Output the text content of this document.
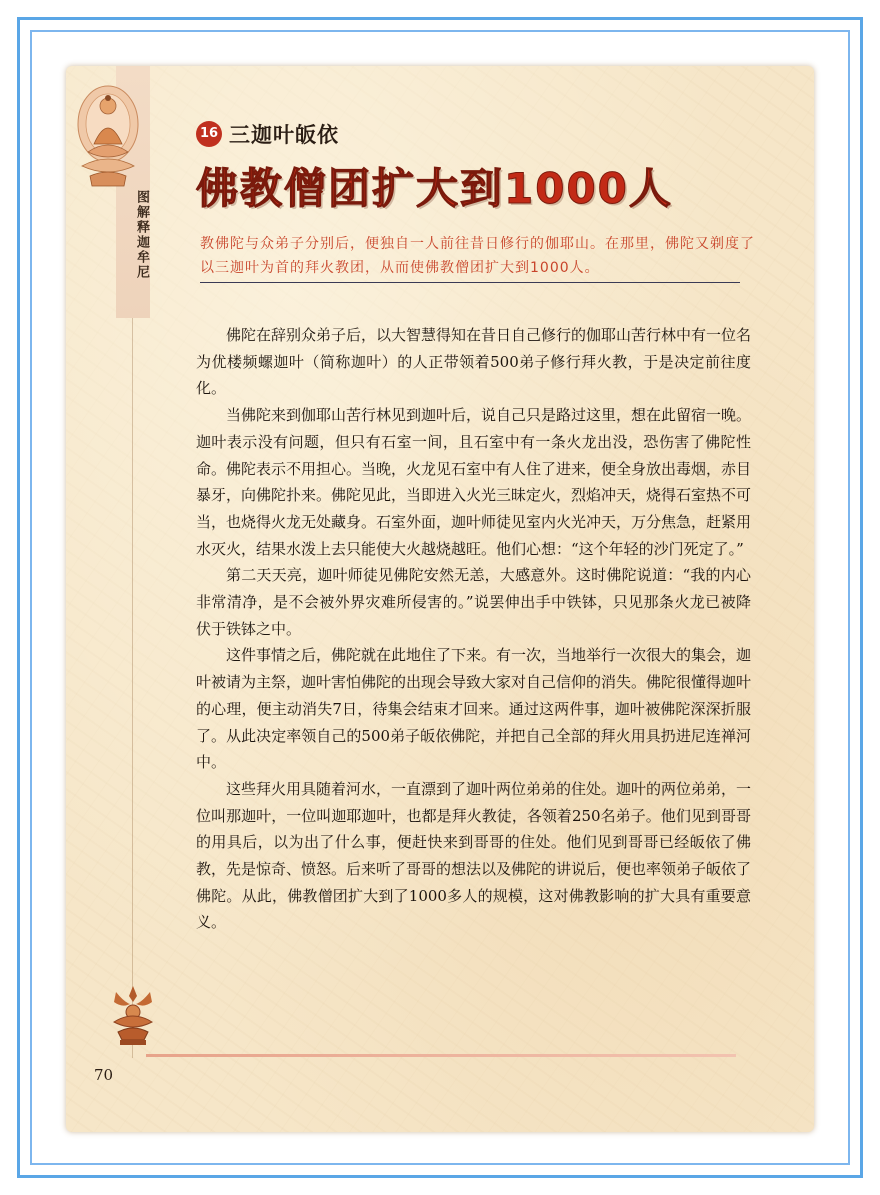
图解释迦牟尼
16 三迦叶皈依
佛教僧团扩大到1000人
教佛陀与众弟子分别后，便独自一人前往昔日修行的伽耶山。在那里，佛陀又剃度了以三迦叶为首的拜火教团，从而使佛教僧团扩大到1000人。

佛陀在辞别众弟子后，以大智慧得知在昔日自己修行的伽耶山苦行林中有一位名为优楼频螺迦叶（简称迦叶）的人正带领着500弟子修行拜火教，于是决定前往度化。

当佛陀来到伽耶山苦行林见到迦叶后，说自己只是路过这里，想在此留宿一晚。迦叶表示没有问题，但只有石室一间，且石室中有一条火龙出没，恐伤害了佛陀性命。佛陀表示不用担心。当晚，火龙见石室中有人住了进来，便全身放出毒烟，赤目暴牙，向佛陀扑来。佛陀见此，当即进入火光三昧定火，烈焰冲天，烧得石室热不可当，也烧得火龙无处藏身。石室外面，迦叶师徒见室内火光冲天，万分焦急，赶紧用水灭火，结果水泼上去只能使大火越烧越旺。他们心想：“这个年轻的沙门死定了。”

第二天天亮，迦叶师徒见佛陀安然无恙，大感意外。这时佛陀说道：“我的内心非常清净，是不会被外界灾难所侵害的。”说罢伸出手中铁钵，只见那条火龙已被降伏于铁钵之中。

这件事情之后，佛陀就在此地住了下来。有一次，当地举行一次很大的集会，迦叶被请为主祭，迦叶害怕佛陀的出现会导致大家对自己信仰的消失。佛陀很懂得迦叶的心理，便主动消失7日，待集会结束才回来。通过这两件事，迦叶被佛陀深深折服了。从此决定率领自己的500弟子皈依佛陀，并把自己全部的拜火用具扔进尼连禅河中。

这些拜火用具随着河水，一直漂到了迦叶两位弟弟的住处。迦叶的两位弟弟，一位叫那迦叶，一位叫迦耶迦叶，也都是拜火教徒，各领着250名弟子。他们见到哥哥的用具后，以为出了什么事，便赶快来到哥哥的住处。他们见到哥哥已经皈依了佛教，先是惊奇、愤怒。后来听了哥哥的想法以及佛陀的讲说后，便也率领弟子皈依了佛陀。从此，佛教僧团扩大到了1000多人的规模，这对佛教影响的扩大具有重要意义。

70
